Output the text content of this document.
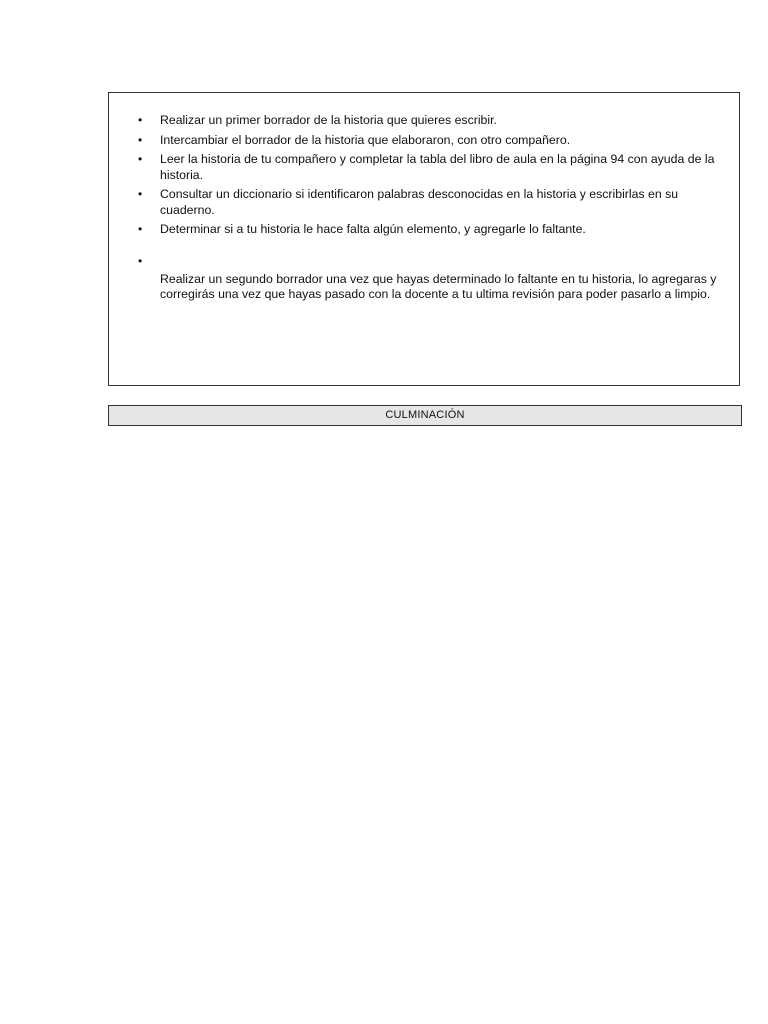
• Realizar un primer borrador de la historia que quieres escribir.
• Intercambiar el borrador de la historia que elaboraron, con otro compañero.
• Leer la historia de tu compañero y completar la tabla del libro de aula en la página 94 con ayuda de la historia.
• Consultar un diccionario si identificaron palabras desconocidas en la historia y escribirlas en su cuaderno.
• Determinar si a tu historia le hace falta algún elemento, y agregarle lo faltante.
•
Realizar un segundo borrador una vez que hayas determinado lo faltante en tu historia, lo agregaras y corregirás una vez que hayas pasado con la docente a tu ultima revisión para poder pasarlo a limpio.
CULMINACIÓN
